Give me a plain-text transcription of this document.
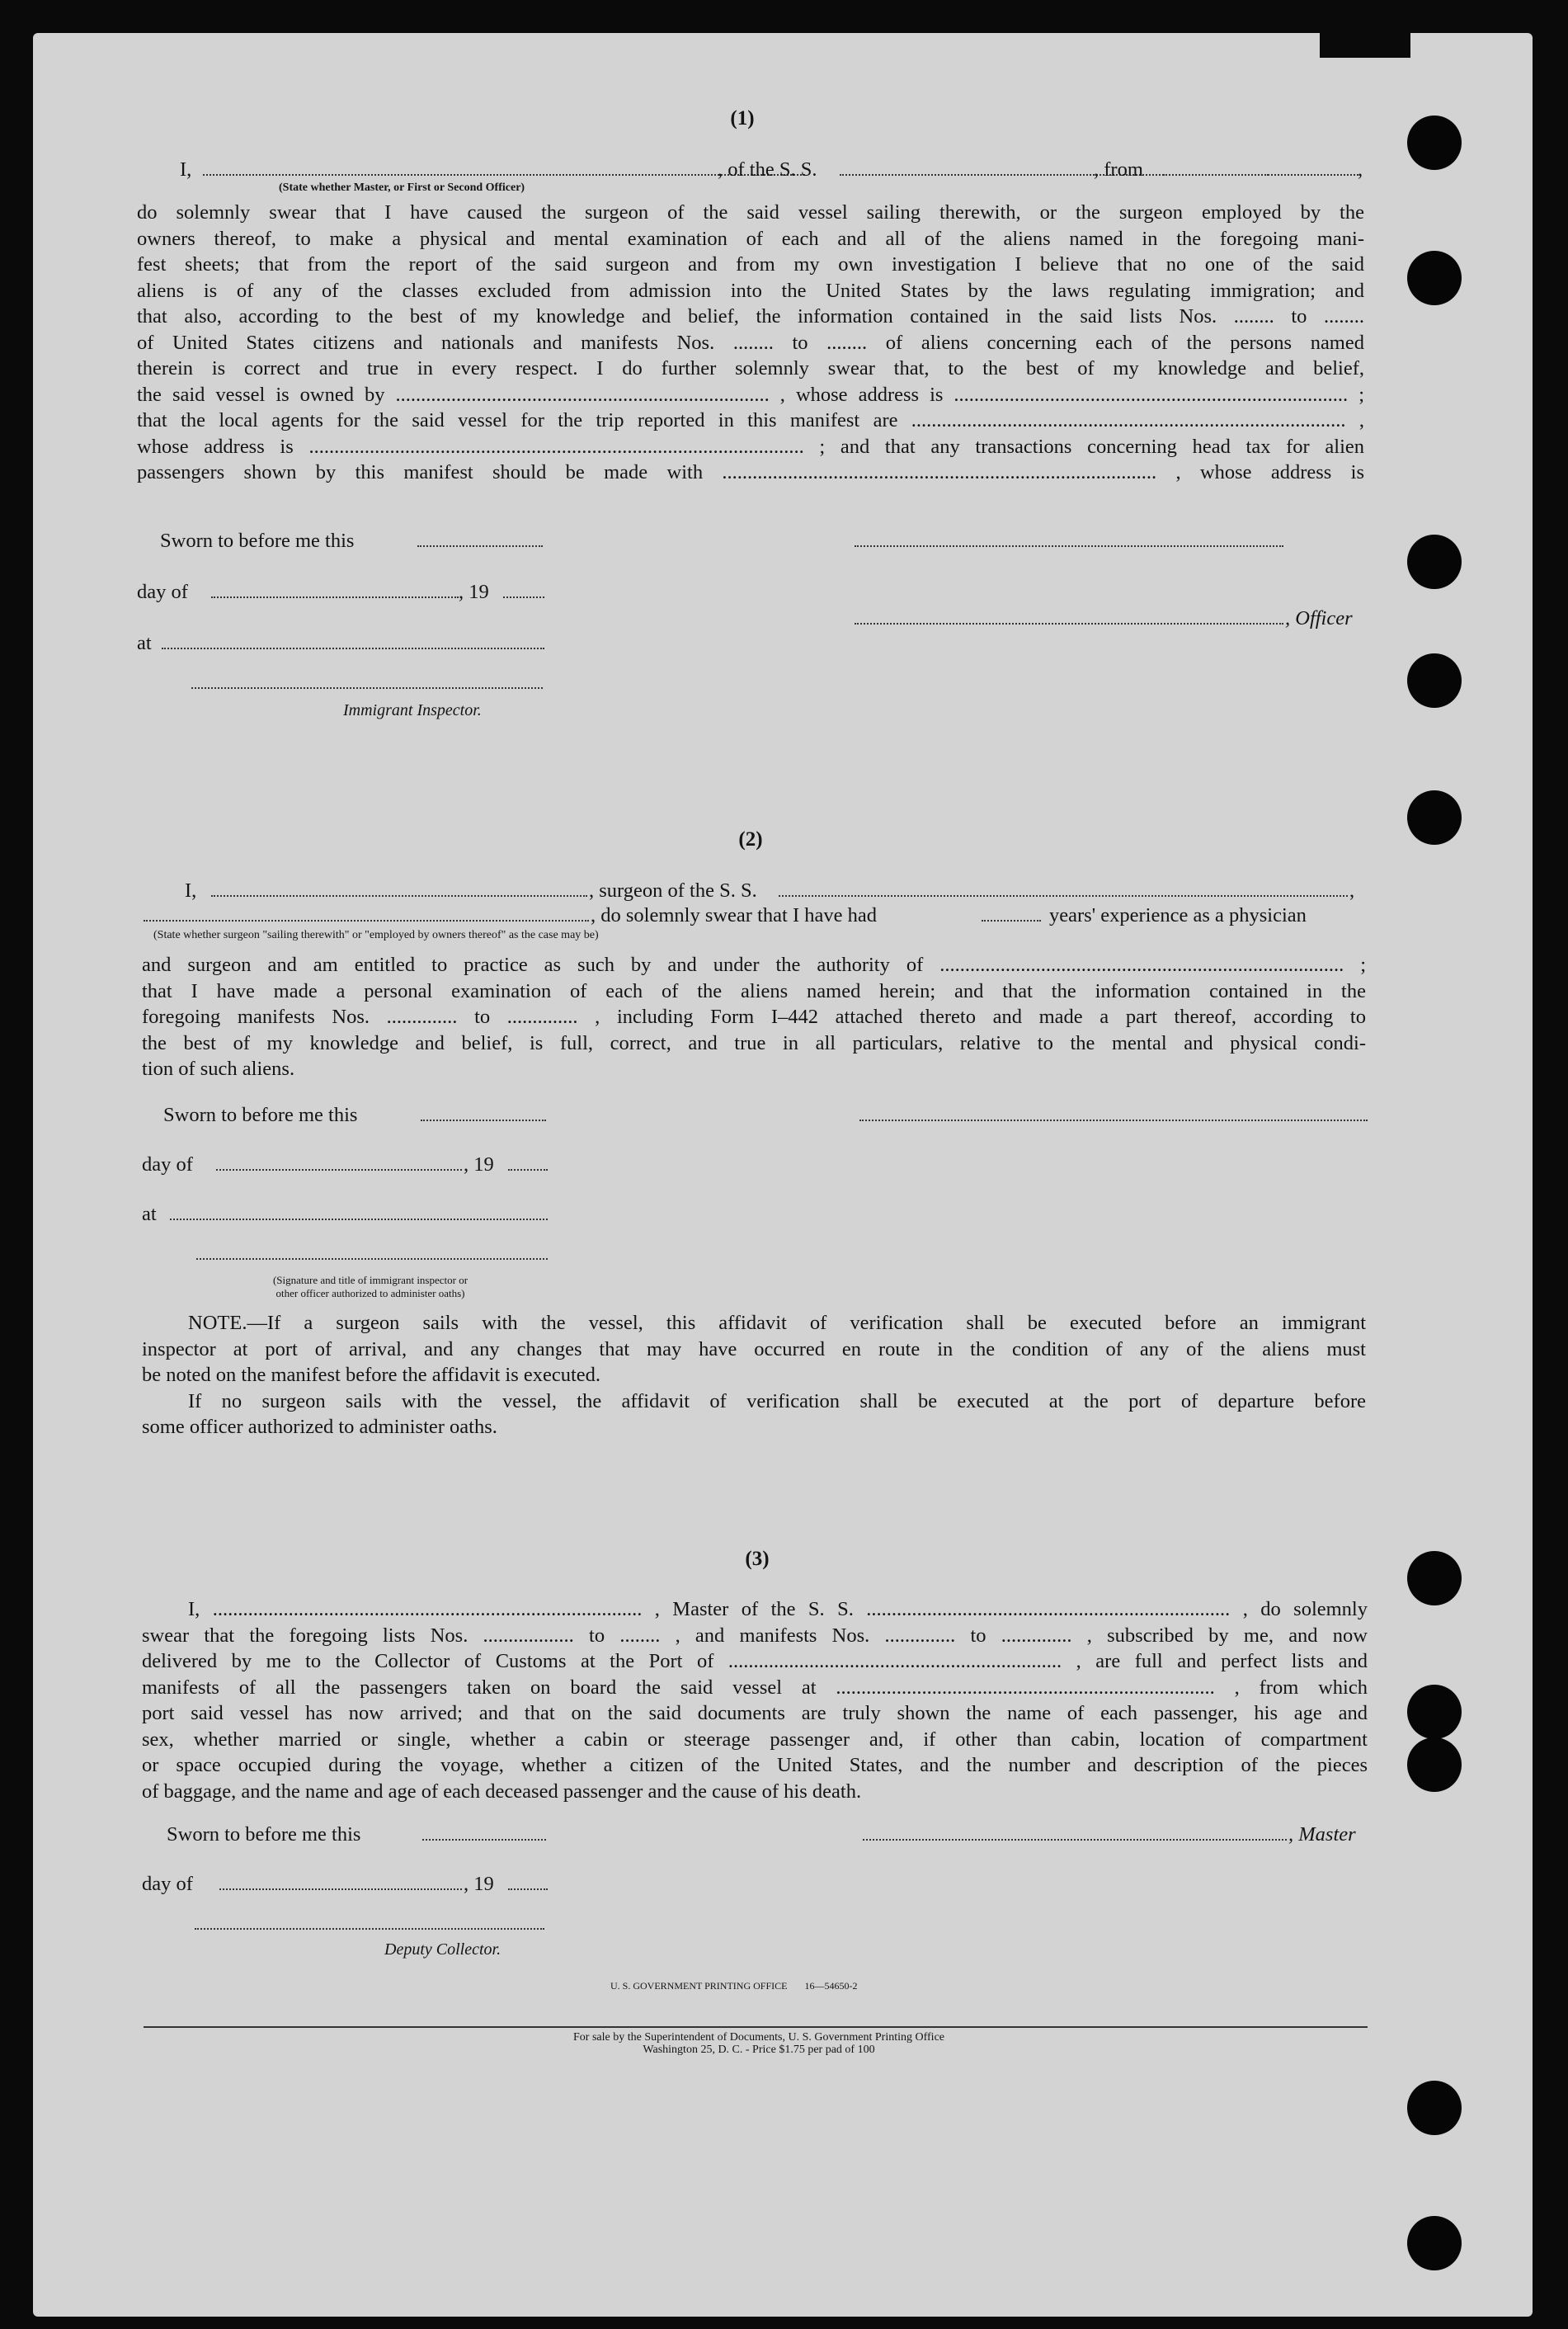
(1)
I,	, of the S. S.	, from	,
(State whether Master, or First or Second Officer)
do solemnly swear that I have caused the surgeon of the said vessel sailing therewith, or the surgeon employed by the
owners thereof, to make a physical and mental examination of each and all of the aliens named in the foregoing mani-
fest sheets; that from the report of the said surgeon and from my own investigation I believe that no one of the said
aliens is of any of the classes excluded from admission into the United States by the laws regulating immigration; and
that also, according to the best of my knowledge and belief, the information contained in the said lists Nos. ........ to ........
of United States citizens and nationals and manifests Nos. ........ to ........ of aliens concerning each of the persons named
therein is correct and true in every respect. I do further solemnly swear that, to the best of my knowledge and belief,
the said vessel is owned by .......................................................................... , whose address is .............................................................................. ;
that the local agents for the said vessel for the trip reported in this manifest are ...................................................................................... ,
whose address is .................................................................................................. ; and that any transactions concerning head tax for alien
passengers shown by this manifest should be made with ...................................................................................... , whose address is
Sworn to before me this
day of	, 19
, Officer
at
Immigrant Inspector.
(2)
I,	, surgeon of the S. S.	,
, do solemnly swear that I have had	years' experience as a physician
(State whether surgeon "sailing therewith" or "employed by owners thereof" as the case may be)
and surgeon and am entitled to practice as such by and under the authority of ................................................................................ ;
that I have made a personal examination of each of the aliens named herein; and that the information contained in the
foregoing manifests Nos. .............. to .............. , including Form I–442 attached thereto and made a part thereof, according to
the best of my knowledge and belief, is full, correct, and true in all particulars, relative to the mental and physical condi-
tion of such aliens.
Sworn to before me this
day of	, 19
at
(Signature and title of immigrant inspector or
other officer authorized to administer oaths)
NOTE.—If a surgeon sails with the vessel, this affidavit of verification shall be executed before an immigrant
inspector at port of arrival, and any changes that may have occurred en route in the condition of any of the aliens must
be noted on the manifest before the affidavit is executed.
If no surgeon sails with the vessel, the affidavit of verification shall be executed at the port of departure before
some officer authorized to administer oaths.
(3)
I, ..................................................................................... , Master of the S. S. ........................................................................ , do solemnly
swear that the foregoing lists Nos. .................. to ........ , and manifests Nos. .............. to .............. , subscribed by me, and now
delivered by me to the Collector of Customs at the Port of .................................................................. , are full and perfect lists and
manifests of all the passengers taken on board the said vessel at ........................................................................... , from which
port said vessel has now arrived; and that on the said documents are truly shown the name of each passenger, his age and
sex, whether married or single, whether a cabin or steerage passenger and, if other than cabin, location of compartment
or space occupied during the voyage, whether a citizen of the United States, and the number and description of the pieces
of baggage, and the name and age of each deceased passenger and the cause of his death.
Sworn to before me this	, Master
day of	, 19
Deputy Collector.
U. S. GOVERNMENT PRINTING OFFICE       16—54650-2
For sale by the Superintendent of Documents, U. S. Government Printing Office
Washington 25, D. C. - Price $1.75 per pad of 100
